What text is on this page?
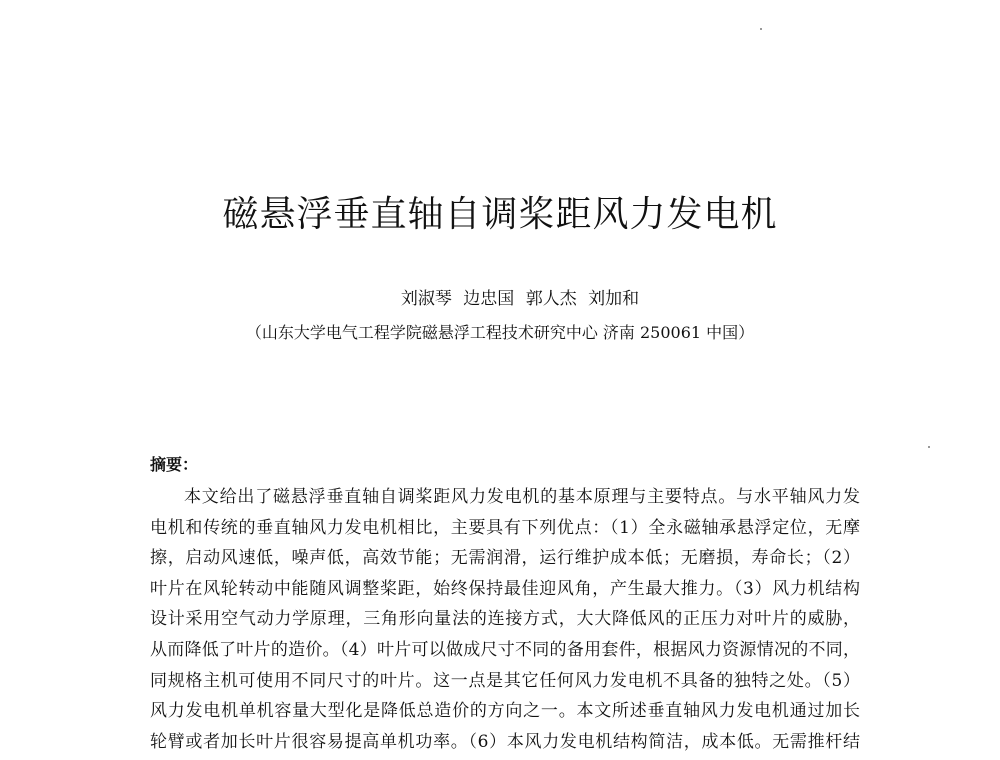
磁悬浮垂直轴自调桨距风力发电机
刘淑琴 边忠国 郭人杰 刘加和
（山东大学电气工程学院磁悬浮工程技术研究中心 济南 250061 中国）
摘要：
本文给出了磁悬浮垂直轴自调桨距风力发电机的基本原理与主要特点。与水平轴风力发
电机和传统的垂直轴风力发电机相比，主要具有下列优点：（1）全永磁轴承悬浮定位，无摩
擦，启动风速低，噪声低，高效节能；无需润滑，运行维护成本低；无磨损，寿命长；（2）
叶片在风轮转动中能随风调整桨距，始终保持最佳迎风角，产生最大推力。（3）风力机结构
设计采用空气动力学原理，三角形向量法的连接方式，大大降低风的正压力对叶片的威胁，
从而降低了叶片的造价。（4）叶片可以做成尺寸不同的备用套件，根据风力资源情况的不同，
同规格主机可使用不同尺寸的叶片。这一点是其它任何风力发电机不具备的独特之处。（5）
风力发电机单机容量大型化是降低总造价的方向之一。本文所述垂直轴风力发电机通过加长
轮臂或者加长叶片很容易提高单机功率。（6）本风力发电机结构简洁，成本低。无需推杆结
